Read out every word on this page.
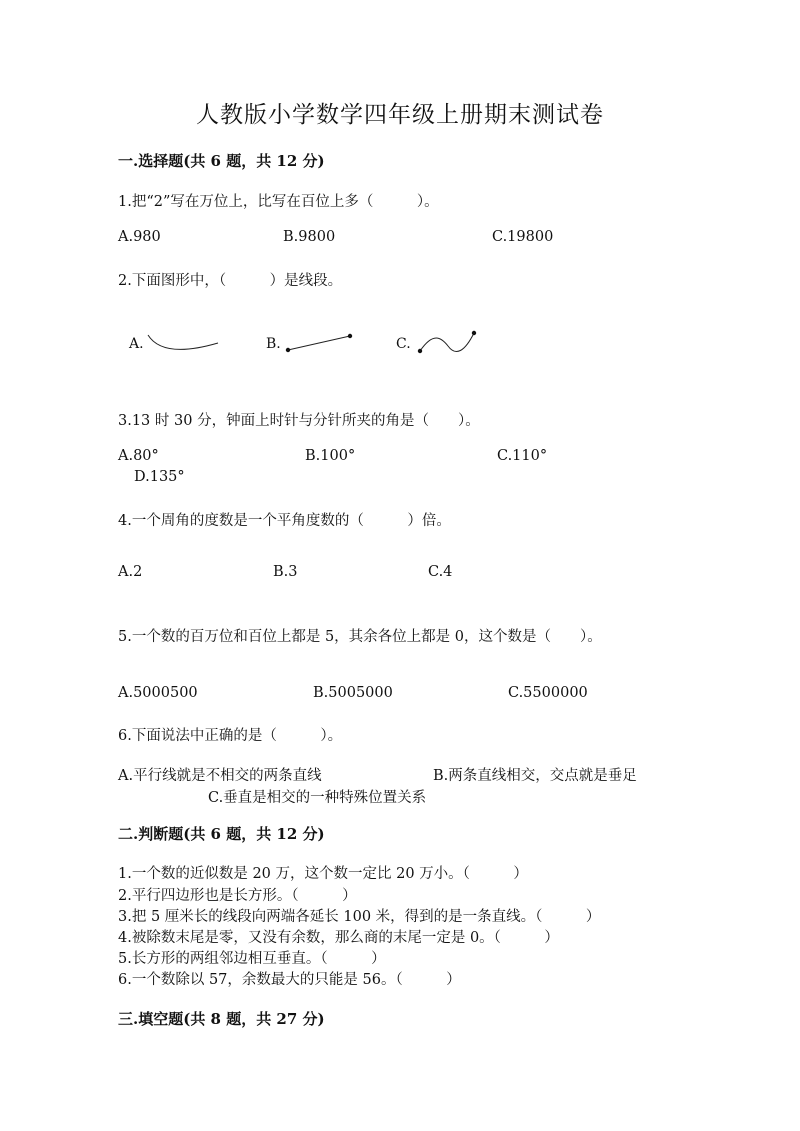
人教版小学数学四年级上册期末测试卷
一.选择题(共 6 题，共 12 分)
1.把“2”写在万位上，比写在百位上多（　　　）。
A.980	B.9800	C.19800
2.下面图形中，（　　　）是线段。
A.	B.	C.
3.13 时 30 分，钟面上时针与分针所夹的角是（　　）。
A.80°	B.100°	C.110°
D.135°
4.一个周角的度数是一个平角度数的（　　　）倍。
A.2	B.3	C.4
5.一个数的百万位和百位上都是 5，其余各位上都是 0，这个数是（　　）。
A.5000500	B.5005000	C.5500000
6.下面说法中正确的是（　　　）。
A.平行线就是不相交的两条直线	B.两条直线相交，交点就是垂足
C.垂直是相交的一种特殊位置关系
二.判断题(共 6 题，共 12 分)
1.一个数的近似数是 20 万，这个数一定比 20 万小。（　　　）
2.平行四边形也是长方形。（　　　）
3.把 5 厘米长的线段向两端各延长 100 米，得到的是一条直线。（　　　）
4.被除数末尾是零，又没有余数，那么商的末尾一定是 0。（　　　）
5.长方形的两组邻边相互垂直。（　　　）
6.一个数除以 57，余数最大的只能是 56。（　　　）
三.填空题(共 8 题，共 27 分)
